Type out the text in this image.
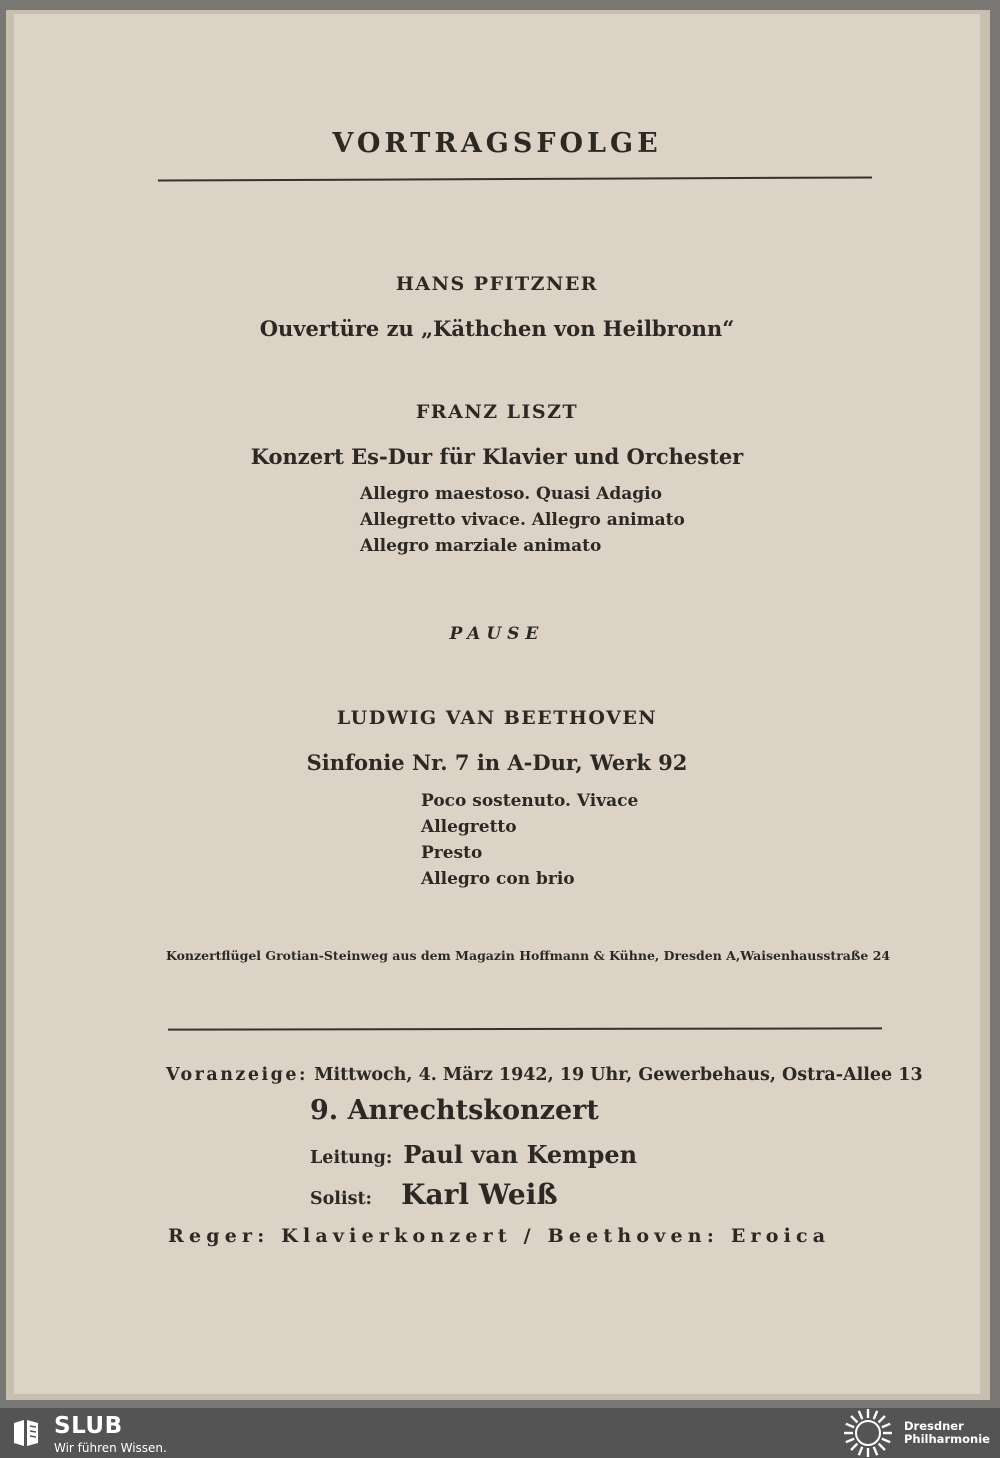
VORTRAGSFOLGE
HANS PFITZNER
Ouvertüre zu „Käthchen von Heilbronn“
FRANZ LISZT
Konzert Es-Dur für Klavier und Orchester
Allegro maestoso. Quasi Adagio
Allegretto vivace. Allegro animato
Allegro marziale animato
PAUSE
LUDWIG VAN BEETHOVEN
Sinfonie Nr. 7 in A-Dur, Werk 92
Poco sostenuto. Vivace
Allegretto
Presto
Allegro con brio
Konzertflügel Grotian-Steinweg aus dem Magazin Hoffmann & Kühne, Dresden A,Waisenhausstraße 24
Voranzeige: Mittwoch, 4. März 1942, 19 Uhr, Gewerbehaus, Ostra-Allee 13
9. Anrechtskonzert
Leitung: Paul van Kempen
Solist: Karl Weiß
Reger: Klavierkonzert / Beethoven: Eroica
SLUB
Wir führen Wissen.
Dresdner
Philharmonie
